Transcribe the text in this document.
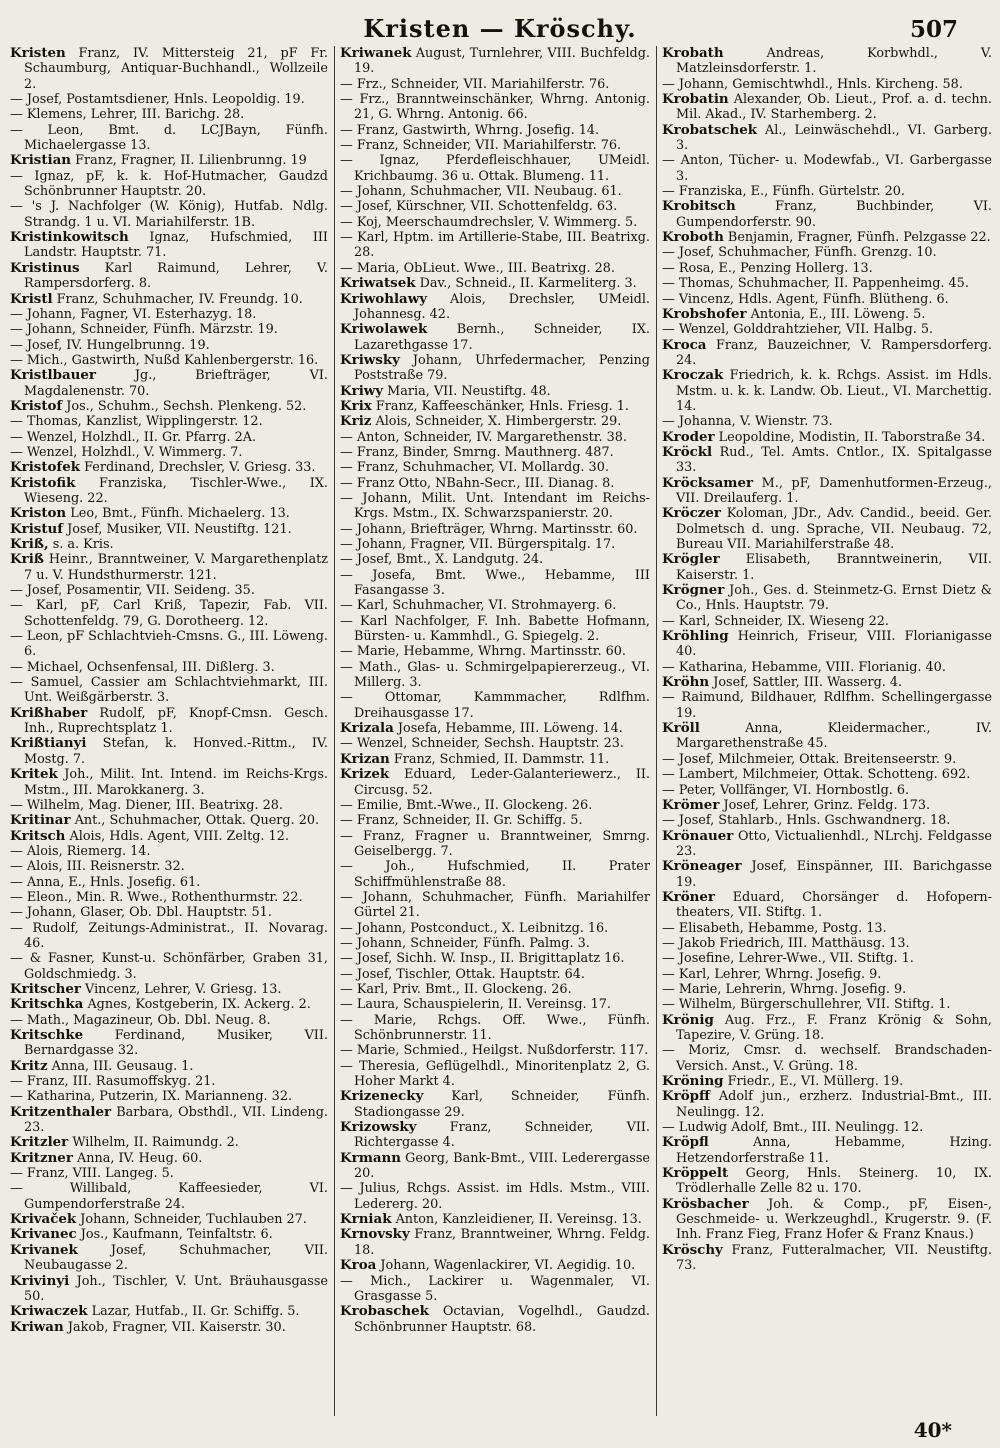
Kristen — Kröschy.	507

Kristen Franz, IV. Mittersteig 21, pF Fr. Schaumburg, Antiquar-Buchhandl., Wollzeile 2.

— Josef, Postamtsdiener, Hnls. Leopoldig. 19.

— Klemens, Lehrer, III. Barichg. 28.

— Leon, Bmt. d. LCJBayn, Fünfh. Michaelergasse 13.

Kristian Franz, Fragner, II. Lilienbrunng. 19

— Ignaz, pF, k. k. Hof-Hutmacher, Gaudzd Schönbrunner Hauptstr. 20.

— 's J. Nachfolger (W. König), Hutfab. Ndlg. Strandg. 1 u. VI. Mariahilferstr. 1B.

Kristinkowitsch Ignaz, Hufschmied, III Landstr. Hauptstr. 71.

Kristinus Karl Raimund, Lehrer, V. Rampersdorferg. 8.

Kristl Franz, Schuhmacher, IV. Freundg. 10.

— Johann, Fagner, VI. Esterhazyg. 18.

— Johann, Schneider, Fünfh. Märzstr. 19.

— Josef, IV. Hungelbrunng. 19.

— Mich., Gastwirth, Nußd Kahlenbergerstr. 16.

Kristlbauer	Jg., Briefträger, VI. Magdalenenstr. 70.

Kristof Jos., Schuhm., Sechsh. Plenkeng. 52.

— Thomas, Kanzlist, Wipplingerstr. 12.

— Wenzel, Holzhdl., II. Gr. Pfarrg. 2A.

— Wenzel, Holzhdl., V. Wimmerg. 7.

Kristofek Ferdinand, Drechsler, V. Griesg. 33.

Kristofik Franziska, Tischler-Wwe., IX. Wieseng. 22.

Kriston Leo, Bmt., Fünfh. Michaelerg. 13.

Kristuf Josef, Musiker, VII. Neustiftg. 121.

Kriß, s. a. Kris.

Kriß Heinr., Branntweiner, V. Margarethenplatz 7 u. V. Hundsthurmerstr. 121.

— Josef, Posamentir, VII. Seideng. 35.

— Karl, pF, Carl Kriß, Tapezir, Fab. VII. Schottenfeldg. 79, G. Dorotheerg. 12.

— Leon, pF Schlachtvieh-Cmsns. G., III. Löweng. 6.

— Michael, Ochsenfensal, III. Dißlerg. 3.

— Samuel, Cassier am Schlachtviehmarkt, III. Unt. Weißgärberstr. 3.

Krißhaber Rudolf, pF, Knopf-Cmsn. Gesch. Inh., Ruprechtsplatz 1.

Krißtianyi Stefan, k. Honved.-Rittm., IV. Mostg. 7.

Kritek Joh., Milit. Int. Intend. im Reichs-Krgs. Mstm., III. Marokkanerg. 3.

— Wilhelm, Mag. Diener, III. Beatrixg. 28.

Kritinar Ant., Schuhmacher, Ottak. Querg. 20.

Kritsch Alois, Hdls. Agent, VIII. Zeltg. 12.

— Alois, Riemerg. 14.

— Alois, III. Reisnerstr. 32.

— Anna, E., Hnls. Josefig. 61.

— Eleon., Min. R. Wwe., Rothenthurmstr. 22.

— Johann, Glaser, Ob. Dbl. Hauptstr. 51.

— Rudolf, Zeitungs-Administrat., II. Novarag. 46.

— & Fasner, Kunst-u. Schönfärber, Graben 31, Goldschmiedg. 3.

Kritscher Vincenz, Lehrer, V. Griesg. 13.

Kritschka Agnes, Kostgeberin, IX. Ackerg. 2.

— Math., Magazineur, Ob. Dbl. Neug. 8.

Kritschke Ferdinand, Musiker, VII. Bernardgasse 32.

Kritz Anna, III. Geusaug. 1.

— Franz, III. Rasumoffskyg. 21.

— Katharina, Putzerin, IX. Marianneng. 32.

Kritzenthaler Barbara, Obsthdl., VII. Lindeng. 23.

Kritzler Wilhelm, II. Raimundg. 2.

Kritzner Anna, IV. Heug. 60.

— Franz, VIII. Langeg. 5.

— Willibald, Kaffeesieder, VI. Gumpendorferstraße 24.

Krivaček Johann, Schneider, Tuchlauben 27.

Krivanec Jos., Kaufmann, Teinfaltstr. 6.

Krivanek	Josef, Schuhmacher, VII. Neubaugasse 2.

Krivinyi Joh., Tischler, V. Unt. Bräuhausgasse 50.

Kriwaczek Lazar, Hutfab., II. Gr. Schiffg. 5.

Kriwan Jakob, Fragner, VII. Kaiserstr. 30.

Kriwanek August, Turnlehrer, VIII. Buchfeldg. 19.

— Frz., Schneider, VII. Mariahilferstr. 76.

— Frz., Branntweinschänker, Whrng. Antonig. 21, G. Whrng. Antonig. 66.

— Franz, Gastwirth, Whrng. Josefig. 14.

— Franz, Schneider, VII. Mariahilferstr. 76.

— Ignaz, Pferdefleischhauer, UMeidl. Krichbaumg. 36 u. Ottak. Blumeng. 11.

— Johann, Schuhmacher, VII. Neubaug. 61.

— Josef, Kürschner, VII. Schottenfeldg. 63.

— Koj, Meerschaumdrechsler, V. Wimmerg. 5.

— Karl, Hptm. im Artillerie-Stabe, III. Beatrixg. 28.

— Maria, ObLieut. Wwe., III. Beatrixg. 28.

Kriwatsek Dav., Schneid., II. Karmeliterg. 3.

Kriwohlawy Alois, Drechsler, UMeidl. Johannesg. 42.

Kriwolawek Bernh., Schneider, IX. Lazarethgasse 17.

Kriwsky Johann, Uhrfedermacher, Penzing Poststraße 79.

Kriwy Maria, VII. Neustiftg. 48.

Krix Franz, Kaffeeschänker, Hnls. Friesg. 1.

Kriz Alois, Schneider, X. Himbergerstr. 29.

— Anton, Schneider, IV. Margarethenstr. 38.

— Franz, Binder, Smrng. Mauthnerg. 487.

— Franz, Schuhmacher, VI. Mollardg. 30.

— Franz Otto, NBahn-Secr., III. Dianag. 8.

— Johann, Milit. Unt. Intendant im Reichs-Krgs. Mstm., IX. Schwarzspanierstr. 20.

— Johann, Briefträger, Whrng. Martinsstr. 60.

— Johann, Fragner, VII. Bürgerspitalg. 17.

— Josef, Bmt., X. Landgutg. 24.

— Josefa, Bmt. Wwe., Hebamme, III Fasangasse 3.

— Karl, Schuhmacher, VI. Strohmayerg. 6.

— Karl Nachfolger, F. Inh. Babette Hofmann, Bürsten- u. Kammhdl., G. Spiegelg. 2.

— Marie, Hebamme, Whrng. Martinsstr. 60.

— Math., Glas- u. Schmirgelpapiererzeug., VI. Millerg. 3.

— Ottomar, Kammmacher, Rdlfhm. Dreihausgasse 17.

Krizala Josefa, Hebamme, III. Löweng. 14.

— Wenzel, Schneider, Sechsh. Hauptstr. 23.

Krizan Franz, Schmied, II. Dammstr. 11.

Krizek Eduard, Leder-Galanteriewerz., II. Circusg. 52.

— Emilie, Bmt.-Wwe., II. Glockeng. 26.

— Franz, Schneider, II. Gr. Schiffg. 5.

— Franz, Fragner u. Branntweiner, Smrng. Geiselbergg. 7.

— Joh., Hufschmied, II. Prater Schiffmühlenstraße 88.

— Johann, Schuhmacher, Fünfh. Mariahilfer Gürtel 21.

— Johann, Postconduct., X. Leibnitzg. 16.

— Johann, Schneider, Fünfh. Palmg. 3.

— Josef, Sichh. W. Insp., II. Brigittaplatz 16.

— Josef, Tischler, Ottak. Hauptstr. 64.

— Karl, Priv. Bmt., II. Glockeng. 26.

— Laura, Schauspielerin, II. Vereinsg. 17.

— Marie, Rchgs. Off. Wwe., Fünfh. Schönbrunnerstr. 11.

— Marie, Schmied., Heilgst. Nußdorferstr. 117.

— Theresia, Geflügelhdl., Minoritenplatz 2, G. Hoher Markt 4.

Krizenecky Karl, Schneider, Fünfh. Stadiongasse 29.

Krizowsky	Franz, Schneider, VII. Richtergasse 4.

Krmann Georg, Bank-Bmt., VIII. Lederergasse 20.

— Julius, Rchgs. Assist. im Hdls. Mstm., VIII. Ledererg. 20.

Krniak Anton, Kanzleidiener, II. Vereinsg. 13.

Krnovsky Franz, Branntweiner, Whrng. Feldg. 18.

Kroa Johann, Wagenlackirer, VI. Aegidig. 10.

— Mich., Lackirer u. Wagenmaler, VI. Grasgasse 5.

Krobaschek Octavian, Vogelhdl., Gaudzd. Schönbrunner Hauptstr. 68.

Krobath	Andreas, Korbwhdl., V. Matzleinsdorferstr. 1.

— Johann, Gemischtwhdl., Hnls. Kircheng. 58.

Krobatin Alexander, Ob. Lieut., Prof. a. d. techn. Mil. Akad., IV. Starhemberg. 2.

Krobatschek Al., Leinwäschehdl., VI. Garberg. 3.

— Anton, Tücher- u. Modewfab., VI. Garbergasse 3.

— Franziska, E., Fünfh. Gürtelstr. 20.

Krobitsch	Franz, Buchbinder, VI. Gumpendorferstr. 90.

Kroboth Benjamin, Fragner, Fünfh. Pelzgasse 22.

— Josef, Schuhmacher, Fünfh. Grenzg. 10.

— Rosa, E., Penzing Hollerg. 13.

— Thomas, Schuhmacher, II. Pappenheimg. 45.

— Vincenz, Hdls. Agent, Fünfh. Blütheng. 6.

Krobshofer Antonia, E., III. Löweng. 5.

— Wenzel, Golddrahtzieher, VII. Halbg. 5.

Kroca Franz, Bauzeichner, V. Rampersdorferg. 24.

Kroczak Friedrich, k. k. Rchgs. Assist. im Hdls. Mstm. u. k. k. Landw. Ob. Lieut., VI. Marchettig. 14.

— Johanna, V. Wienstr. 73.

Kroder Leopoldine, Modistin, II. Taborstraße 34.

Kröckl Rud., Tel. Amts. Cntlor., IX. Spitalgasse 33.

Kröcksamer M., pF, Damenhutformen-Erzeug., VII. Dreilauferg. 1.

Kröczer Koloman, JDr., Adv. Candid., beeid. Ger. Dolmetsch d. ung. Sprache, VII. Neubaug. 72, Bureau VII. Mariahilferstraße 48.

Krögler Elisabeth, Branntweinerin, VII. Kaiserstr. 1.

Krögner Joh., Ges. d. Steinmetz-G. Ernst Dietz & Co., Hnls. Hauptstr. 79.

— Karl, Schneider, IX. Wieseng 22.

Kröhling Heinrich, Friseur, VIII. Florianigasse 40.

— Katharina, Hebamme, VIII. Florianig. 40.

Kröhn Josef, Sattler, III. Wasserg. 4.

— Raimund, Bildhauer, Rdlfhm. Schellingergasse 19.

Kröll	Anna, Kleidermacher., IV. Margarethenstraße 45.

— Josef, Milchmeier, Ottak. Breitenseerstr. 9.

— Lambert, Milchmeier, Ottak. Schotteng. 692.

— Peter, Vollfänger, VI. Hornbostlg. 6.

Krömer Josef, Lehrer, Grinz. Feldg. 173.

— Josef, Stahlarb., Hnls. Gschwandnerg. 18.

Krönauer Otto, Victualienhdl., NLrchj. Feldgasse 23.

Kröneager Josef, Einspänner, III. Barichgasse 19.

Kröner Eduard, Chorsänger d. Hofopern-theaters, VII. Stiftg. 1.

— Elisabeth, Hebamme, Postg. 13.

— Jakob Friedrich, III. Matthäusg. 13.

— Josefine, Lehrer-Wwe., VII. Stiftg. 1.

— Karl, Lehrer, Whrng. Josefig. 9.

— Marie, Lehrerin, Whrng. Josefig. 9.

— Wilhelm, Bürgerschullehrer, VII. Stiftg. 1.

Krönig Aug. Frz., F. Franz Krönig & Sohn, Tapezire, V. Grüng. 18.

— Moriz, Cmsr. d. wechself. Brandschaden-Versich. Anst., V. Grüng. 18.

Kröning Friedr., E., VI. Müllerg. 19.

Kröpff Adolf jun., erzherz. Industrial-Bmt., III. Neulingg. 12.

— Ludwig Adolf, Bmt., III. Neulingg. 12.

Kröpfl	Anna, Hebamme, Hzing. Hetzendorferstraße 11.

Kröppelt Georg, Hnls. Steinerg. 10, IX. Trödlerhalle Zelle 82 u. 170.

Krösbacher Joh. & Comp., pF, Eisen-, Geschmeide- u. Werkzeughdl., Krugerstr. 9. (F. Inh. Franz Fieg, Franz Hofer & Franz Knaus.)

Kröschy Franz, Futteralmacher, VII. Neustiftg. 73.

40*
